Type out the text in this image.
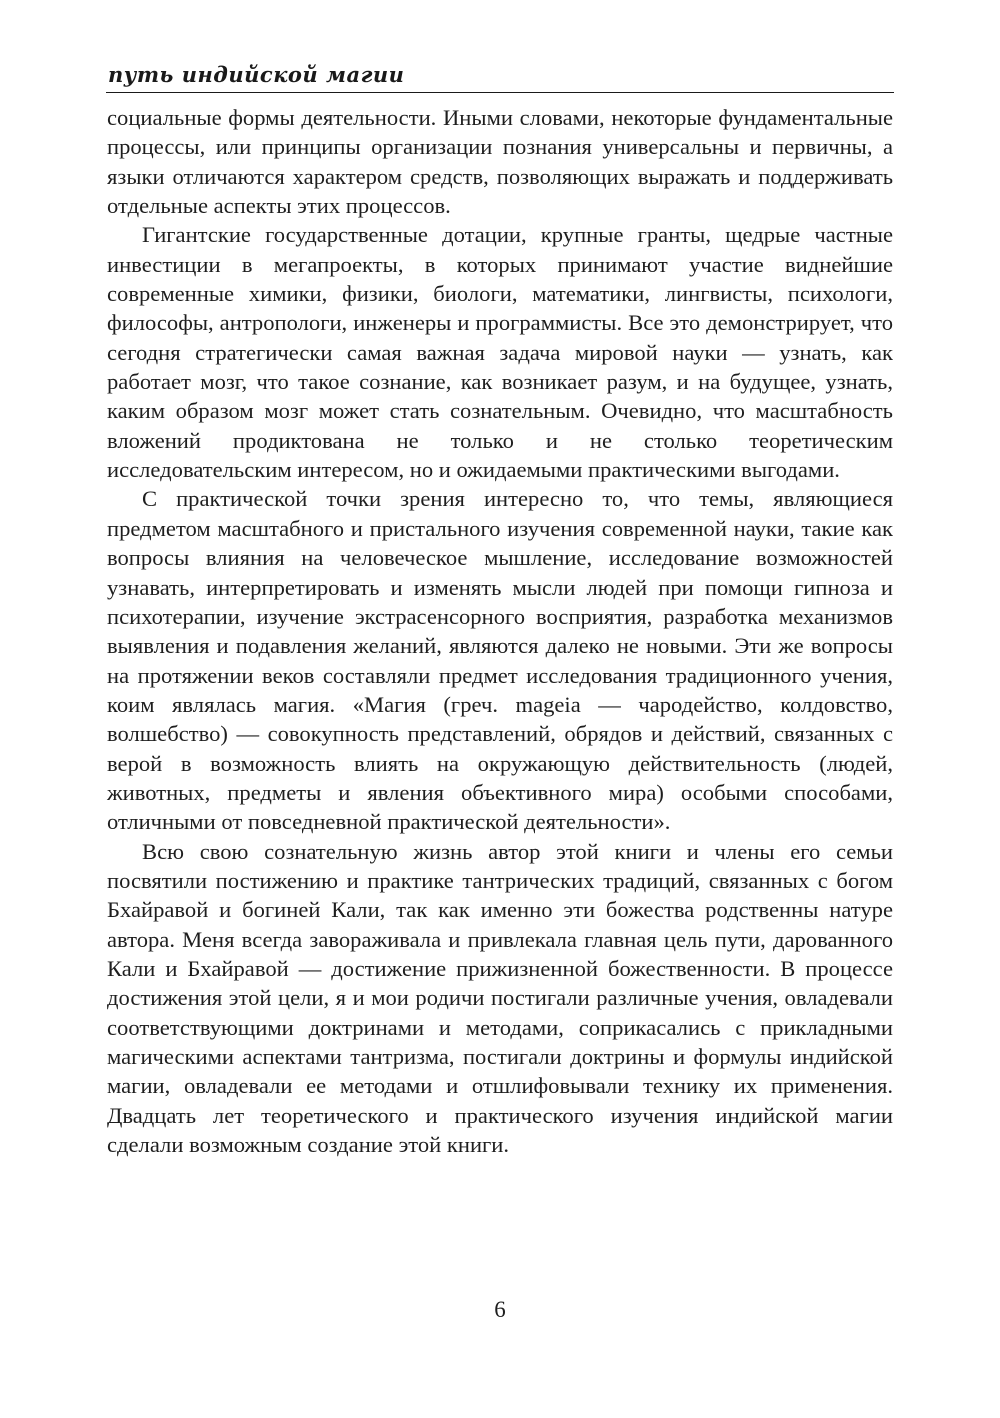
путь индийской магии

социальные формы деятельности. Иными словами, некоторые фундаментальные процессы, или принципы организации познания универсальны и первичны, а языки отличаются характером средств, позволяющих выражать и поддерживать отдельные аспекты этих процессов.

Гигантские государственные дотации, крупные гранты, щедрые частные инвестиции в мегапроекты, в которых принимают участие виднейшие современные химики, физики, биологи, математики, лингвисты, психологи, философы, антропологи, инженеры и программисты. Все это демонстрирует, что сегодня стратегически самая важная задача мировой науки — узнать, как работает мозг, что такое сознание, как возникает разум, и на будущее, узнать, каким образом мозг может стать сознательным. Очевидно, что масштабность вложений продиктована не только и не столько теоретическим исследовательским интересом, но и ожидаемыми практическими выгодами.

С практической точки зрения интересно то, что темы, являющиеся предметом масштабного и пристального изучения современной науки, такие как вопросы влияния на человеческое мышление, исследование возможностей узнавать, интерпретировать и изменять мысли людей при помощи гипноза и психотерапии, изучение экстрасенсорного восприятия, разработка механизмов выявления и подавления желаний, являются далеко не новыми. Эти же вопросы на протяжении веков составляли предмет исследования традиционного учения, коим являлась магия. «Магия (греч. mageia — чародейство, колдовство, волшебство) — совокупность представлений, обрядов и действий, связанных с верой в возможность влиять на окружающую действительность (людей, животных, предметы и явления объективного мира) особыми способами, отличными от повседневной практической деятельности».

Всю свою сознательную жизнь автор этой книги и члены его семьи посвятили постижению и практике тантрических традиций, связанных с богом Бхайравой и богиней Кали, так как именно эти божества родственны натуре автора. Меня всегда завораживала и привлекала главная цель пути, дарованного Кали и Бхайравой — достижение прижизненной божественности. В процессе достижения этой цели, я и мои родичи постигали различные учения, овладевали соответствующими доктринами и методами, соприкасались с прикладными магическими аспектами тантризма, постигали доктрины и формулы индийской магии, овладевали ее методами и отшлифовывали технику их применения. Двадцать лет теоретического и практического изучения индийской магии сделали возможным создание этой книги.

6
